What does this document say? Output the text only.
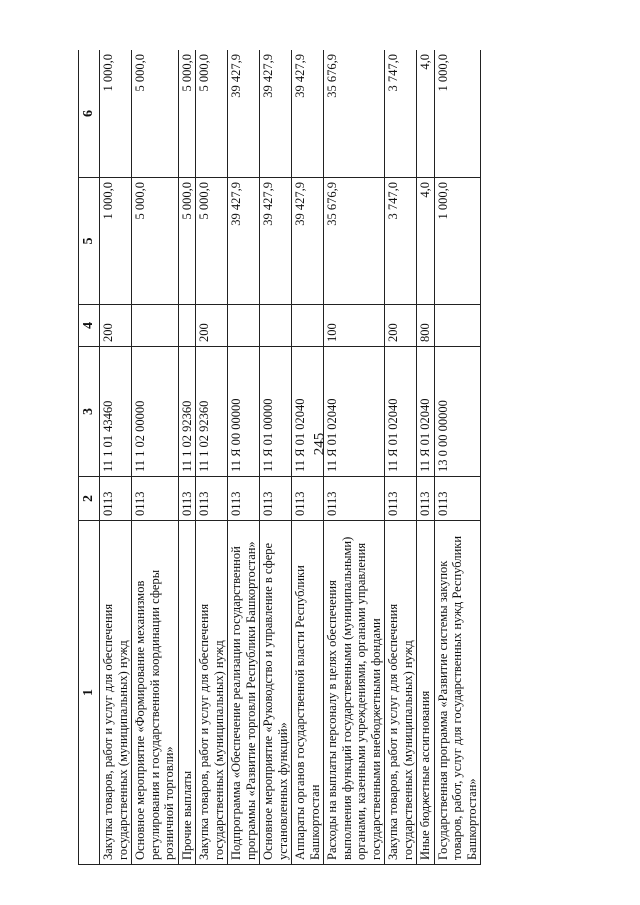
245
1	2	3	4	5	6
Закупка товаров, работ и услуг для обеспечения государственных (муниципальных) нужд	0113	11 1 01 43460	200	1 000,0	1 000,0
Основное мероприятие «Формирование механизмов регулирования и государственной координации сферы розничной торговли»	0113	11 1 02 00000		5 000,0	5 000,0
Прочие выплаты	0113	11 1 02 92360		5 000,0	5 000,0
Закупка товаров, работ и услуг для обеспечения государственных (муниципальных) нужд	0113	11 1 02 92360	200	5 000,0	5 000,0
Подпрограмма «Обеспечение реализации государственной программы «Развитие торговли Республики Башкортостан»	0113	11 Я 00 00000		39 427,9	39 427,9
Основное мероприятие «Руководство и управление в сфере установленных функций»	0113	11 Я 01 00000		39 427,9	39 427,9
Аппараты органов государственной власти Республики Башкортостан	0113	11 Я 01 02040		39 427,9	39 427,9
Расходы на выплаты персоналу в целях обеспечения выполнения функций государственными (муниципальными) органами, казенными учреждениями, органами управления государственными внебюджетными фондами	0113	11 Я 01 02040	100	35 676,9	35 676,9
Закупка товаров, работ и услуг для обеспечения государственных (муниципальных) нужд	0113	11 Я 01 02040	200	3 747,0	3 747,0
Иные бюджетные ассигнования	0113	11 Я 01 02040	800	4,0	4,0
Государственная программа «Развитие системы закупок товаров, работ, услуг для государственных нужд Республики Башкортостан»	0113	13 0 00 00000		1 000,0	1 000,0
